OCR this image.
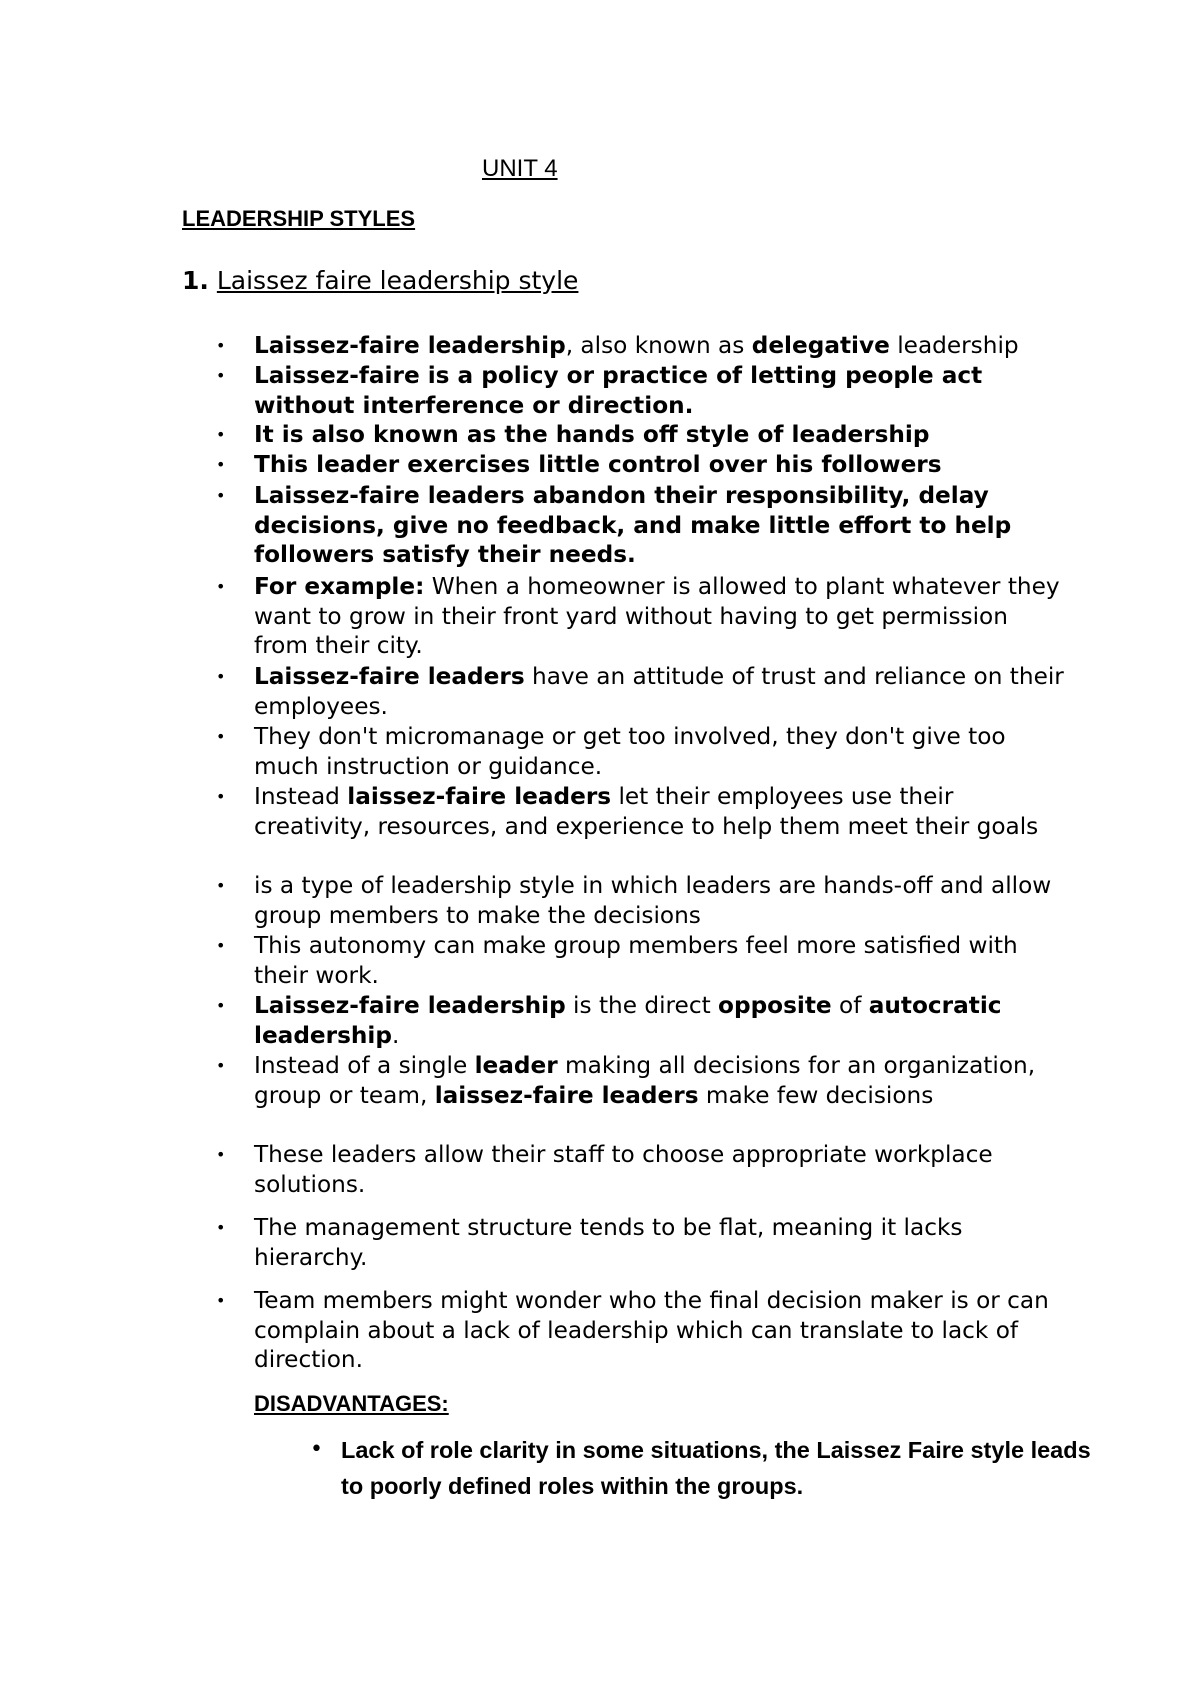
UNIT 4
LEADERSHIP STYLES
1. Laissez faire leadership style
• Laissez-faire leadership, also known as delegative leadership

• Laissez-faire is a policy or practice of letting people act without interference or direction.

• It is also known as the hands off style of leadership

• This leader exercises little control over his followers

• Laissez-faire leaders abandon their responsibility, delay decisions, give no feedback, and make little effort to help followers satisfy their needs.

• For example: When a homeowner is allowed to plant whatever they want to grow in their front yard without having to get permission from their city.

• Laissez-faire leaders have an attitude of trust and reliance on their employees.

• They don't micromanage or get too involved, they don't give too much instruction or guidance.

• Instead laissez-faire leaders let their employees use their creativity, resources, and experience to help them meet their goals

• is a type of leadership style in which leaders are hands-off and allow group members to make the decisions

• This autonomy can make group members feel more satisfied with their work.

• Laissez-faire leadership is the direct opposite of autocratic leadership.

• Instead of a single leader making all decisions for an organization, group or team, laissez-faire leaders make few decisions

• These leaders allow their staff to choose appropriate workplace solutions.

• The management structure tends to be flat, meaning it lacks hierarchy.

• Team members might wonder who the final decision maker is or can complain about a lack of leadership which can translate to lack of direction.

DISADVANTAGES:
• Lack of role clarity in some situations, the Laissez Faire style leads to poorly defined roles within the groups.
